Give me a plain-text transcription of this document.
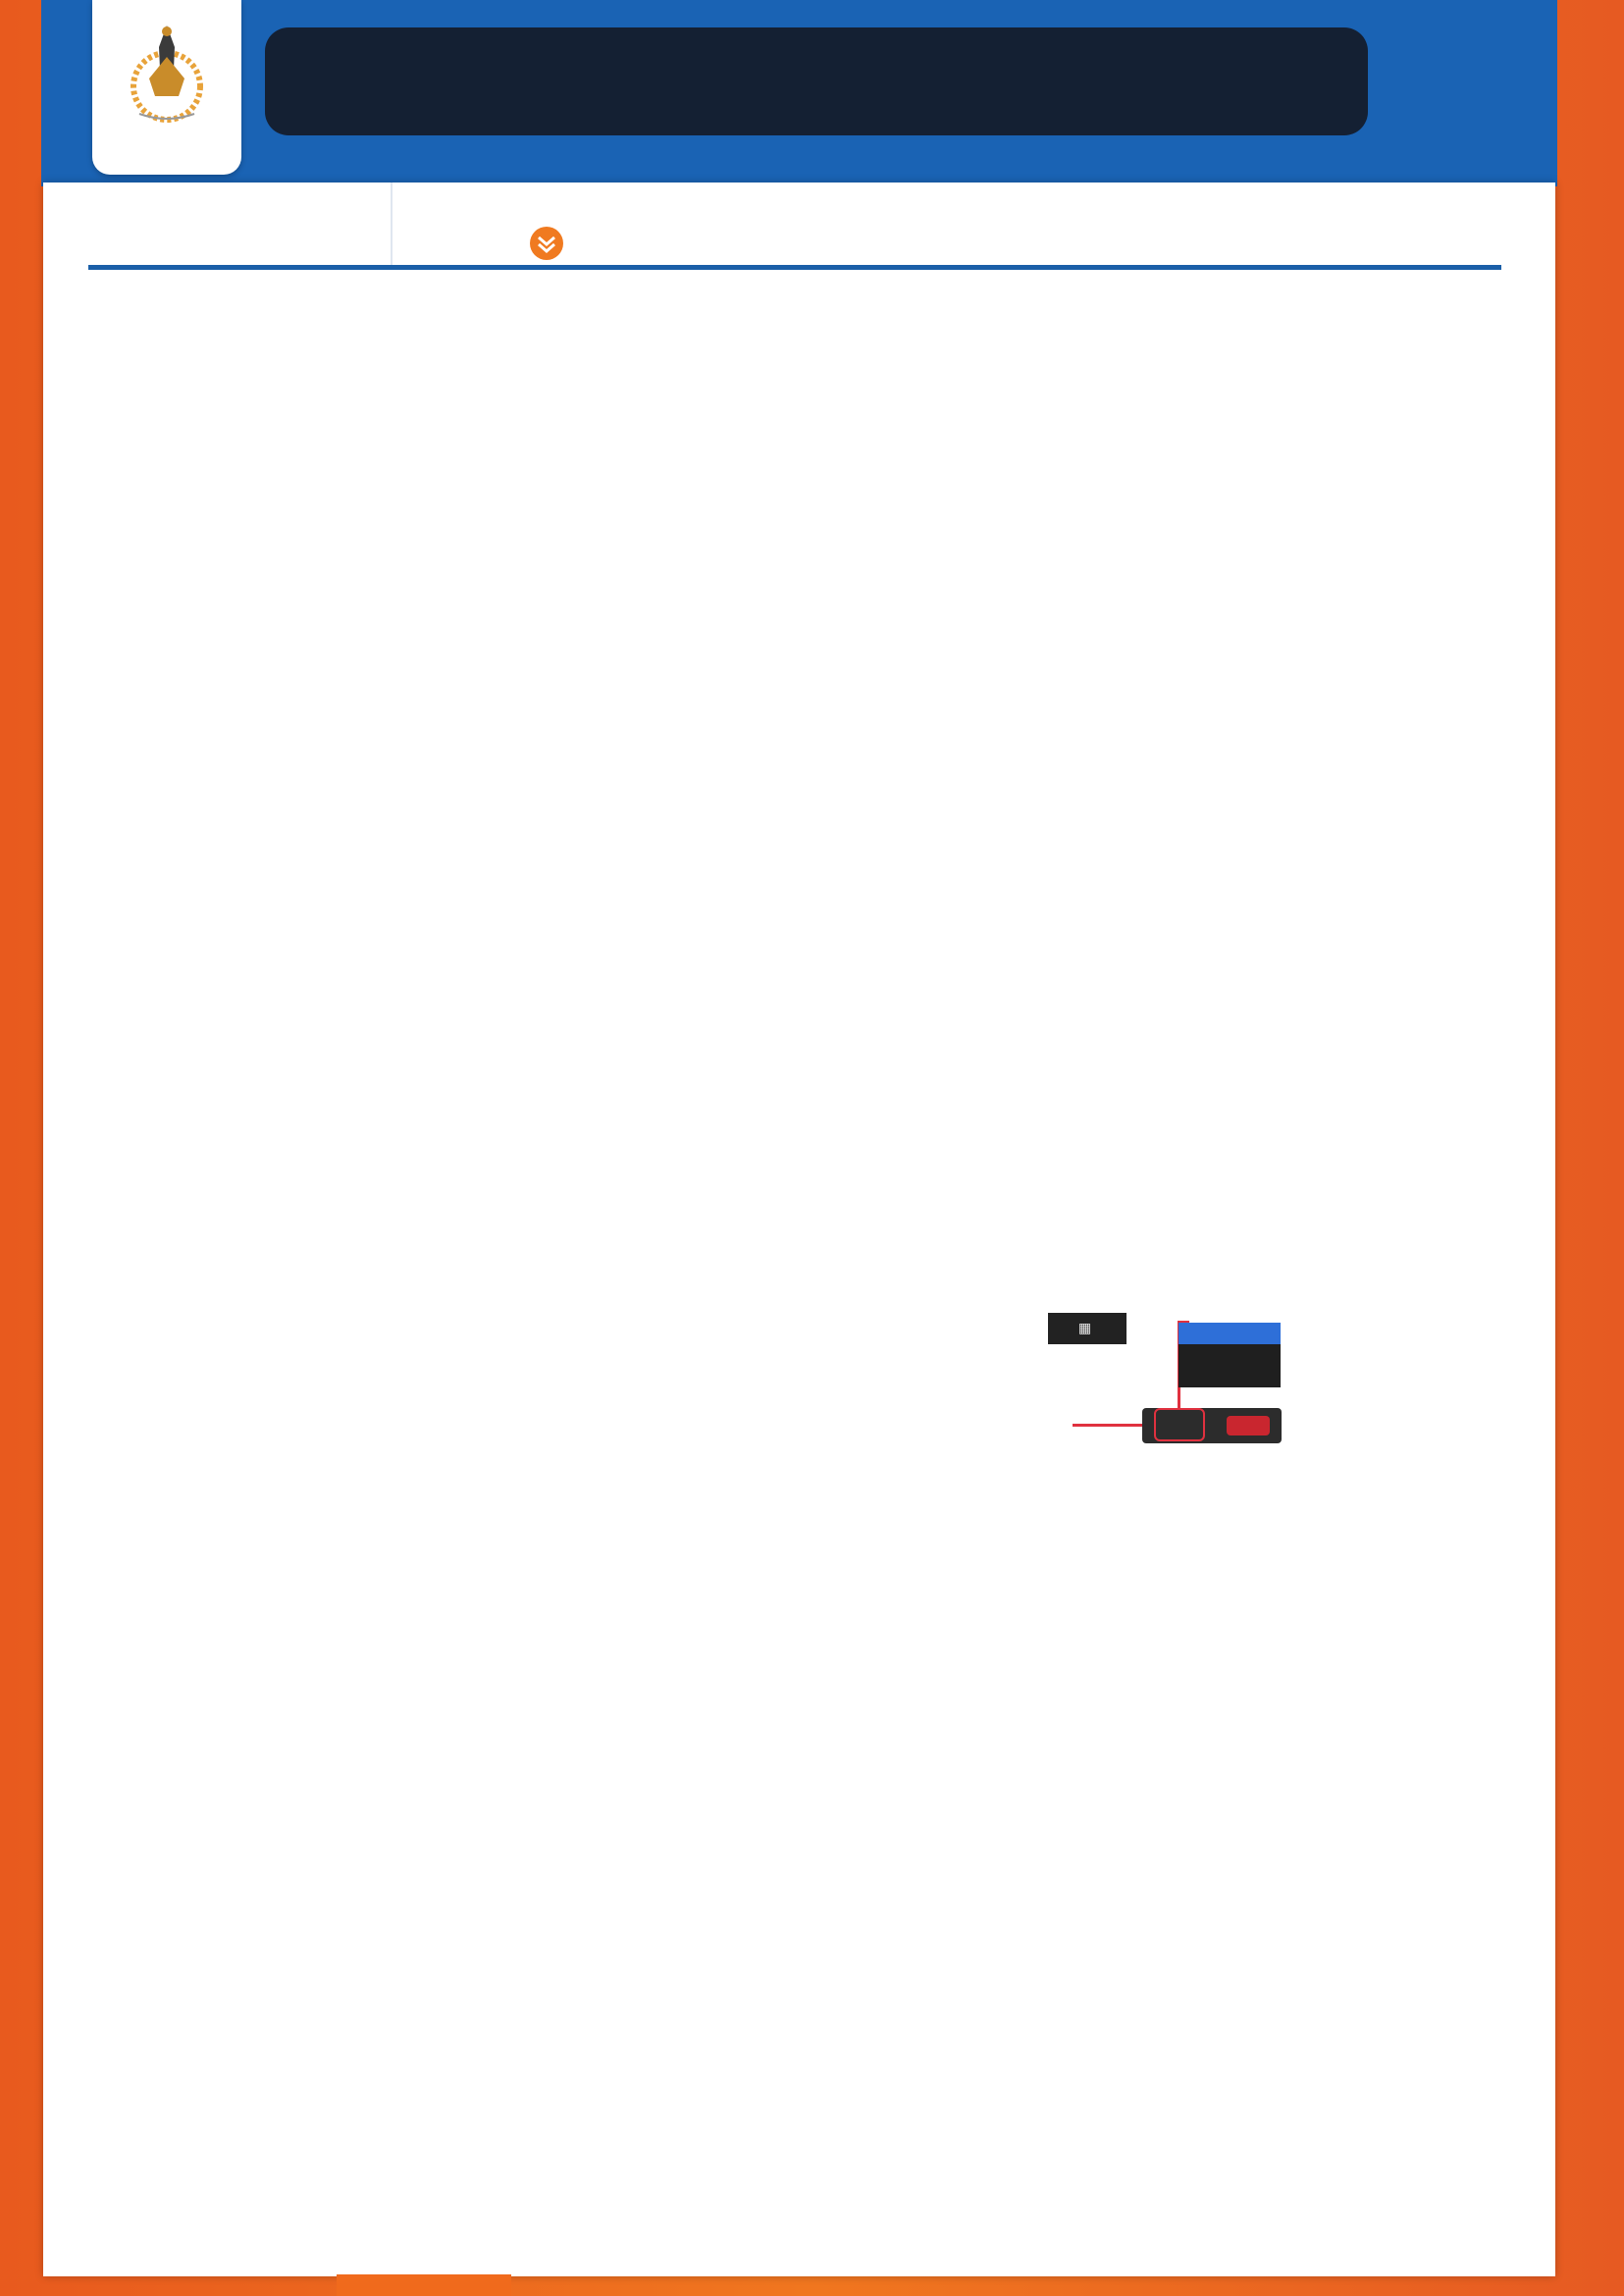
▦
